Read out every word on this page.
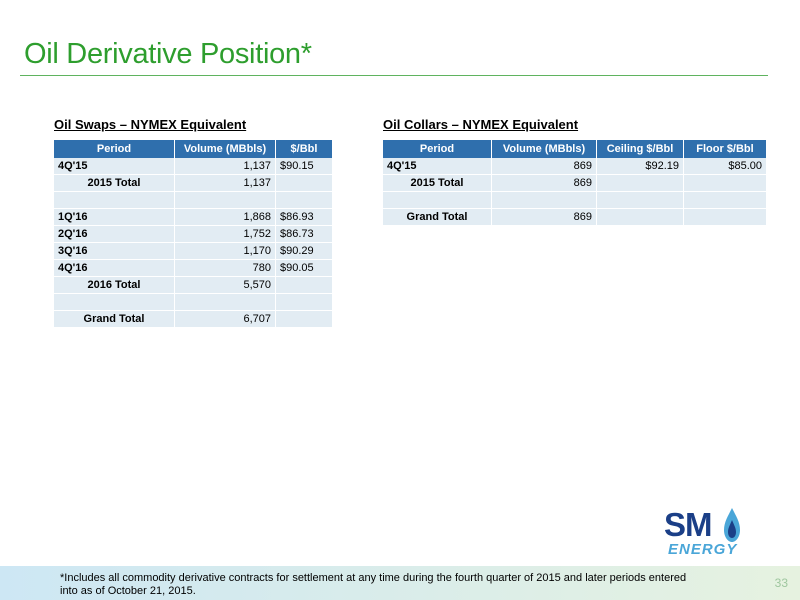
Oil Derivative Position*
Oil Swaps – NYMEX Equivalent
Period	Volume (MBbls)	$/Bbl
4Q'15	1,137	$90.15
2015 Total	1,137	

1Q'16	1,868	$86.93
2Q'16	1,752	$86.73
3Q'16	1,170	$90.29
4Q'16	780	$90.05
2016 Total	5,570	

Grand Total	6,707	
Oil Collars – NYMEX Equivalent
Period	Volume (MBbls)	Ceiling $/Bbl	Floor $/Bbl
4Q'15	869	$92.19	$85.00
2015 Total	869		

Grand Total	869		
SM
ENERGY
*Includes all commodity derivative contracts for settlement at any time during the fourth quarter of 2015 and later periods entered into as of October 21, 2015.
33
